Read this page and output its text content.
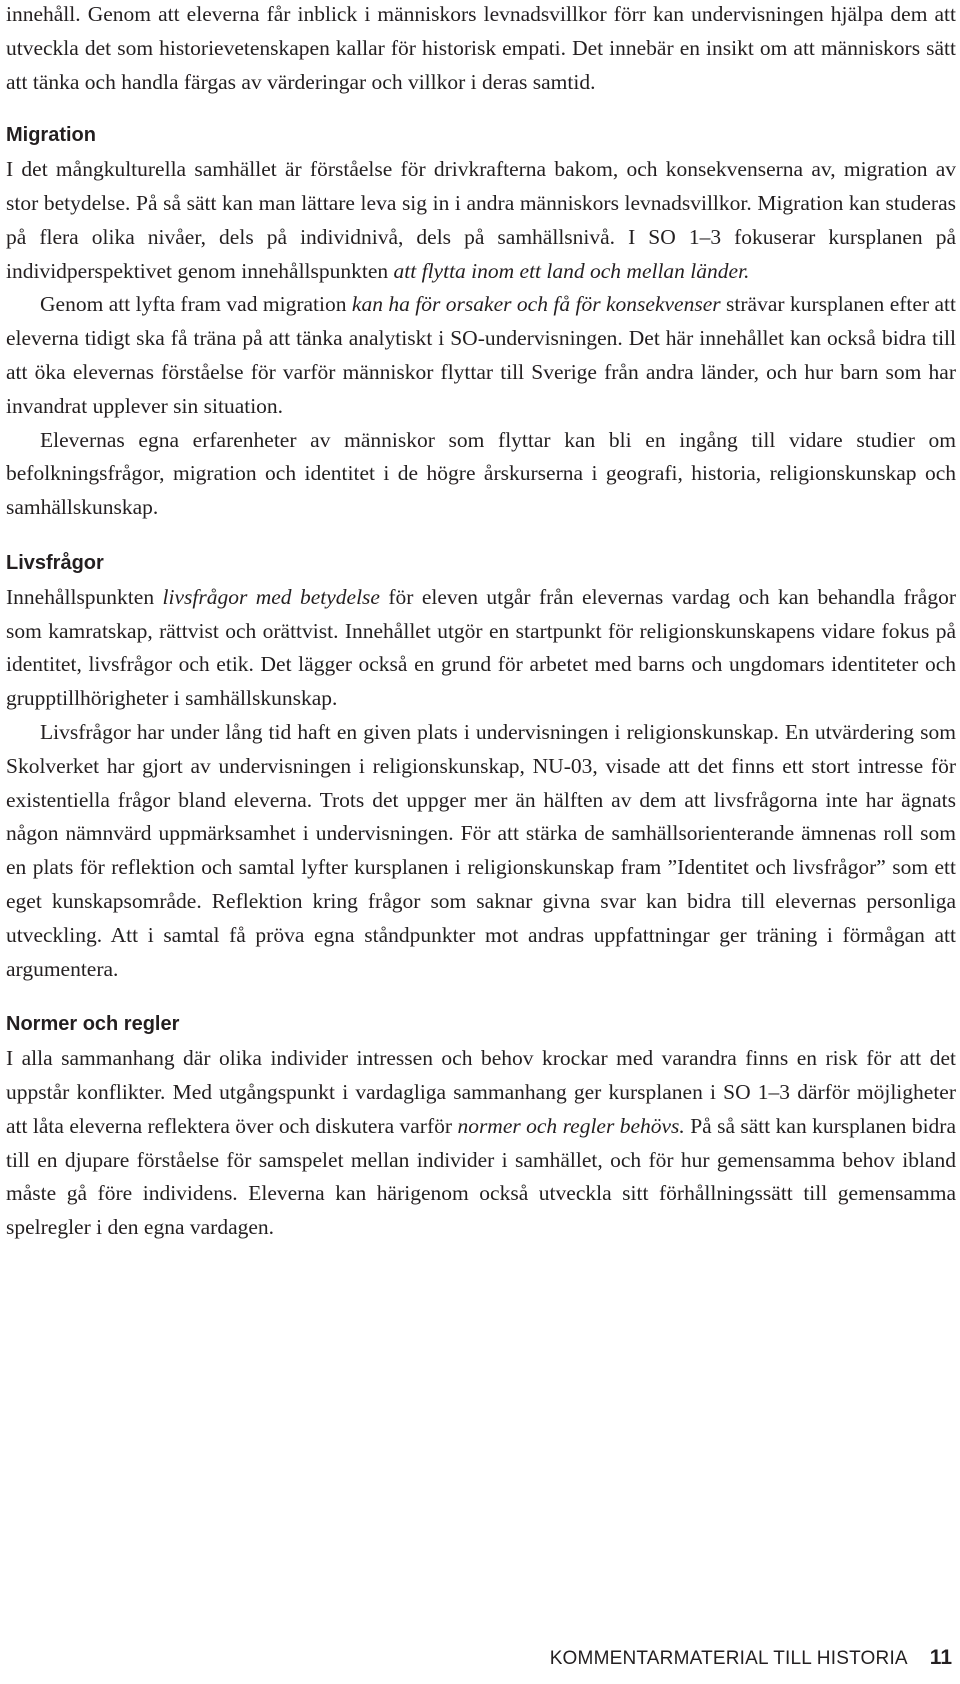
innehåll. Genom att eleverna får inblick i människors levnadsvillkor förr kan undervisningen hjälpa dem att utveckla det som historievetenskapen kallar för historisk empati. Det innebär en insikt om att människors sätt att tänka och handla färgas av värderingar och villkor i deras samtid.

Migration

I det mångkulturella samhället är förståelse för drivkrafterna bakom, och konsekvenserna av, migration av stor betydelse. På så sätt kan man lättare leva sig in i andra människors levnadsvillkor. Migration kan studeras på flera olika nivåer, dels på individnivå, dels på samhällsnivå. I SO 1–3 fokuserar kursplanen på individperspektivet genom innehållspunkten att flytta inom ett land och mellan länder.

Genom att lyfta fram vad migration kan ha för orsaker och få för konsekvenser strävar kursplanen efter att eleverna tidigt ska få träna på att tänka analytiskt i SO-undervisningen. Det här innehållet kan också bidra till att öka elevernas förståelse för varför människor flyttar till Sverige från andra länder, och hur barn som har invandrat upplever sin situation.

Elevernas egna erfarenheter av människor som flyttar kan bli en ingång till vidare studier om befolkningsfrågor, migration och identitet i de högre årskurserna i geografi, historia, religionskunskap och samhällskunskap.

Livsfrågor

Innehållspunkten livsfrågor med betydelse för eleven utgår från elevernas vardag och kan behandla frågor som kamratskap, rättvist och orättvist. Innehållet utgör en startpunkt för religionskunskapens vidare fokus på identitet, livsfrågor och etik. Det lägger också en grund för arbetet med barns och ungdomars identiteter och grupptillhörigheter i samhällskunskap.

Livsfrågor har under lång tid haft en given plats i undervisningen i religionskunskap. En utvärdering som Skolverket har gjort av undervisningen i religionskunskap, NU-03, visade att det finns ett stort intresse för existentiella frågor bland eleverna. Trots det uppger mer än hälften av dem att livsfrågorna inte har ägnats någon nämnvärd uppmärksamhet i undervisningen. För att stärka de samhällsorienterande ämnenas roll som en plats för reflektion och samtal lyfter kursplanen i religionskunskap fram ”Identitet och livsfrågor” som ett eget kunskapsområde. Reflektion kring frågor som saknar givna svar kan bidra till elevernas personliga utveckling. Att i samtal få pröva egna ståndpunkter mot andras uppfattningar ger träning i förmågan att argumentera.

Normer och regler

I alla sammanhang där olika individer intressen och behov krockar med varandra finns en risk för att det uppstår konflikter. Med utgångspunkt i vardagliga sammanhang ger kursplanen i SO 1–3 därför möjligheter att låta eleverna reflektera över och diskutera varför normer och regler behövs. På så sätt kan kursplanen bidra till en djupare förståelse för samspelet mellan individer i samhället, och för hur gemensamma behov ibland måste gå före individens. Eleverna kan härigenom också utveckla sitt förhållningssätt till gemensamma spelregler i den egna vardagen.

KOMMENTARMATERIAL TILL HISTORIA 11
